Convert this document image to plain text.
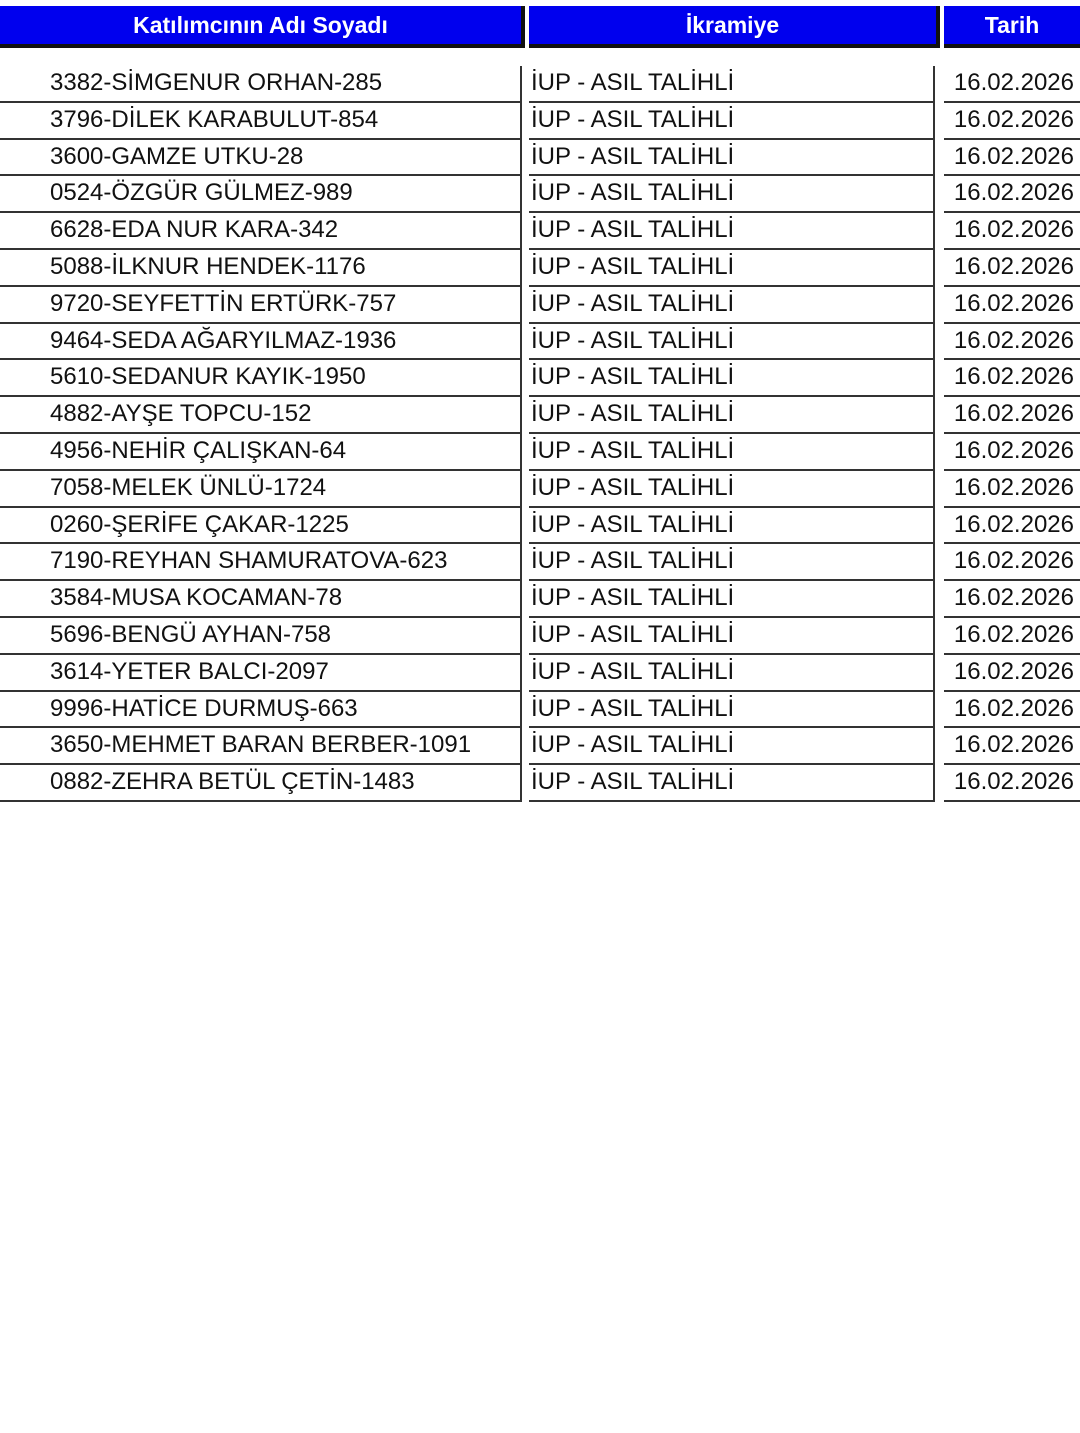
Katılımcının Adı Soyadı	İkramiye	Tarih
3382-SİMGENUR ORHAN-285	İUP - ASIL TALİHLİ	16.02.2026
3796-DİLEK KARABULUT-854	İUP - ASIL TALİHLİ	16.02.2026
3600-GAMZE UTKU-28	İUP - ASIL TALİHLİ	16.02.2026
0524-ÖZGÜR GÜLMEZ-989	İUP - ASIL TALİHLİ	16.02.2026
6628-EDA NUR KARA-342	İUP - ASIL TALİHLİ	16.02.2026
5088-İLKNUR HENDEK-1176	İUP - ASIL TALİHLİ	16.02.2026
9720-SEYFETTİN ERTÜRK-757	İUP - ASIL TALİHLİ	16.02.2026
9464-SEDA AĞARYILMAZ-1936	İUP - ASIL TALİHLİ	16.02.2026
5610-SEDANUR KAYIK-1950	İUP - ASIL TALİHLİ	16.02.2026
4882-AYŞE TOPCU-152	İUP - ASIL TALİHLİ	16.02.2026
4956-NEHİR ÇALIŞKAN-64	İUP - ASIL TALİHLİ	16.02.2026
7058-MELEK ÜNLÜ-1724	İUP - ASIL TALİHLİ	16.02.2026
0260-ŞERİFE ÇAKAR-1225	İUP - ASIL TALİHLİ	16.02.2026
7190-REYHAN SHAMURATOVA-623	İUP - ASIL TALİHLİ	16.02.2026
3584-MUSA KOCAMAN-78	İUP - ASIL TALİHLİ	16.02.2026
5696-BENGÜ AYHAN-758	İUP - ASIL TALİHLİ	16.02.2026
3614-YETER BALCI-2097	İUP - ASIL TALİHLİ	16.02.2026
9996-HATİCE DURMUŞ-663	İUP - ASIL TALİHLİ	16.02.2026
3650-MEHMET BARAN BERBER-1091	İUP - ASIL TALİHLİ	16.02.2026
0882-ZEHRA BETÜL ÇETİN-1483	İUP - ASIL TALİHLİ	16.02.2026
